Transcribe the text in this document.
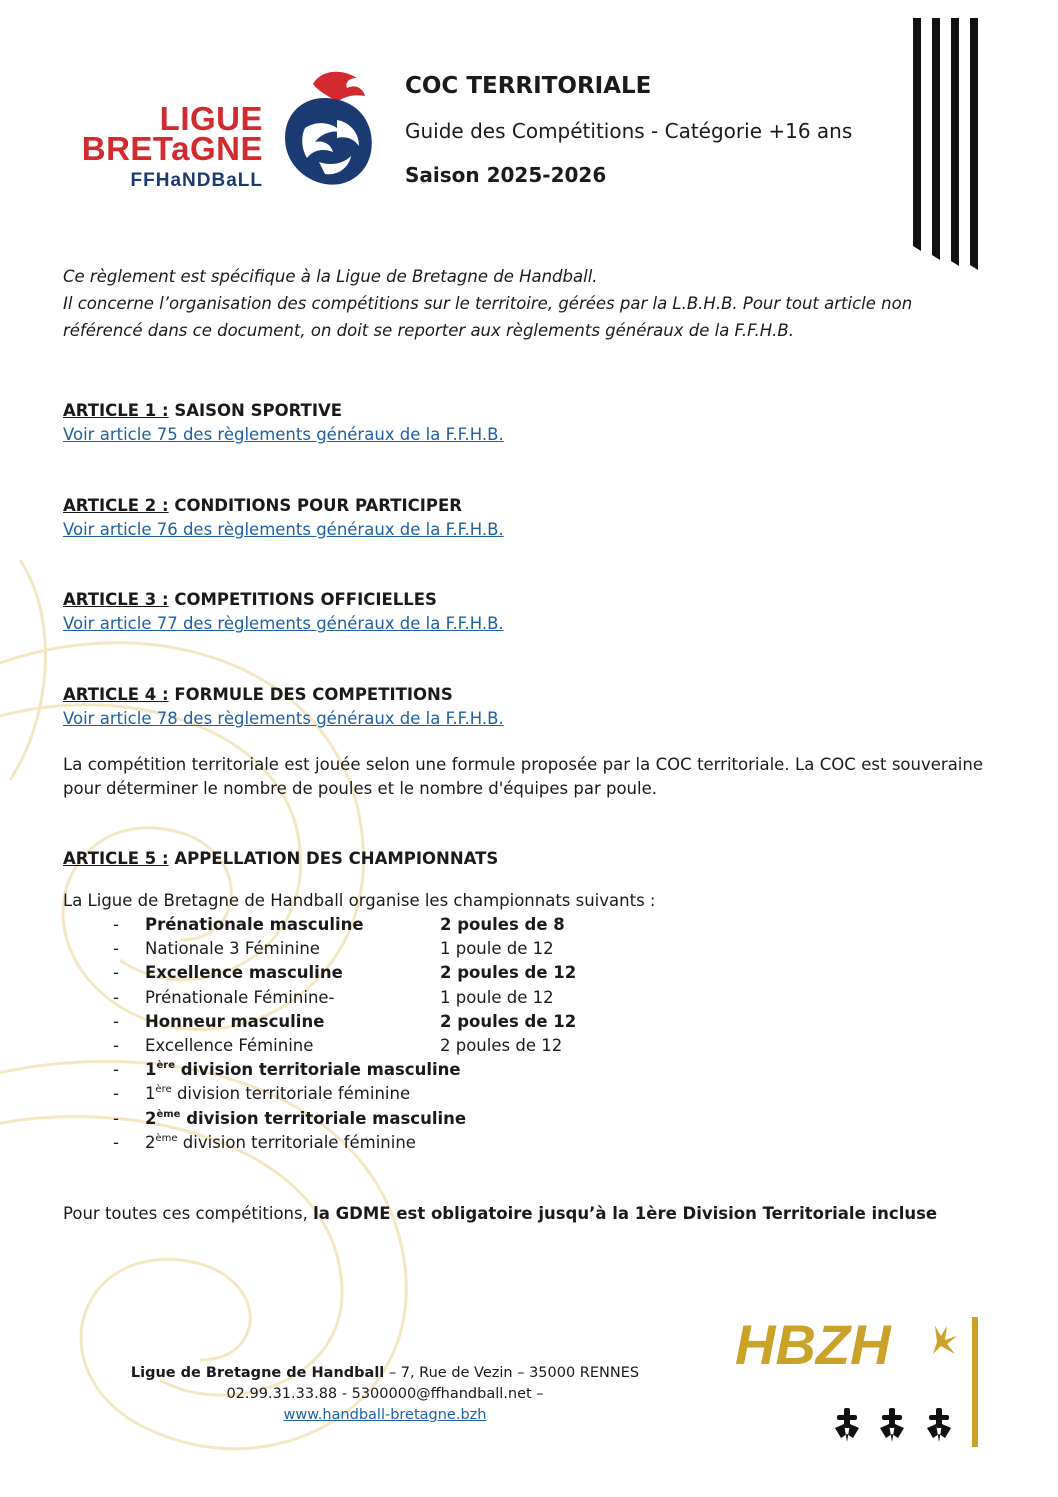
LIGUE
BRETaGNE
FFHaNDBaLL
COC TERRITORIALE

Guide des Compétitions - Catégorie +16 ans

Saison 2025-2026

Ce règlement est spécifique à la Ligue de Bretagne de Handball.

Il concerne l’organisation des compétitions sur le territoire, gérées par la L.B.H.B. Pour tout article non référencé dans ce document, on doit se reporter aux règlements généraux de la F.F.H.B.

ARTICLE 1 : SAISON SPORTIVE

Voir article 75 des règlements généraux de la F.F.H.B.

ARTICLE 2 : CONDITIONS POUR PARTICIPER

Voir article 76 des règlements généraux de la F.F.H.B.

ARTICLE 3 : COMPETITIONS OFFICIELLES

Voir article 77 des règlements généraux de la F.F.H.B.

ARTICLE 4 : FORMULE DES COMPETITIONS

Voir article 78 des règlements généraux de la F.F.H.B.

La compétition territoriale est jouée selon une formule proposée par la COC territoriale. La COC est souveraine pour déterminer le nombre de poules et le nombre d'équipes par poule.

ARTICLE 5 : APPELLATION DES CHAMPIONNATS

La Ligue de Bretagne de Handball organise les championnats suivants :

- Prénationale masculine	2 poules de 8
- Nationale 3 Féminine	1 poule de 12
- Excellence masculine	2 poules de 12
- Prénationale Féminine-	1 poule de 12
- Honneur masculine	2 poules de 12
- Excellence Féminine	2 poules de 12
- 1ère division territoriale masculine
- 1ère division territoriale féminine
- 2ème division territoriale masculine
- 2ème division territoriale féminine

Pour toutes ces compétitions, la GDME est obligatoire jusqu’à la 1ère Division Territoriale incluse

Ligue de Bretagne de Handball – 7, Rue de Vezin – 35000 RENNES

02.99.31.33.88 - 5300000@ffhandball.net –

www.handball-bretagne.bzh

HBZH
